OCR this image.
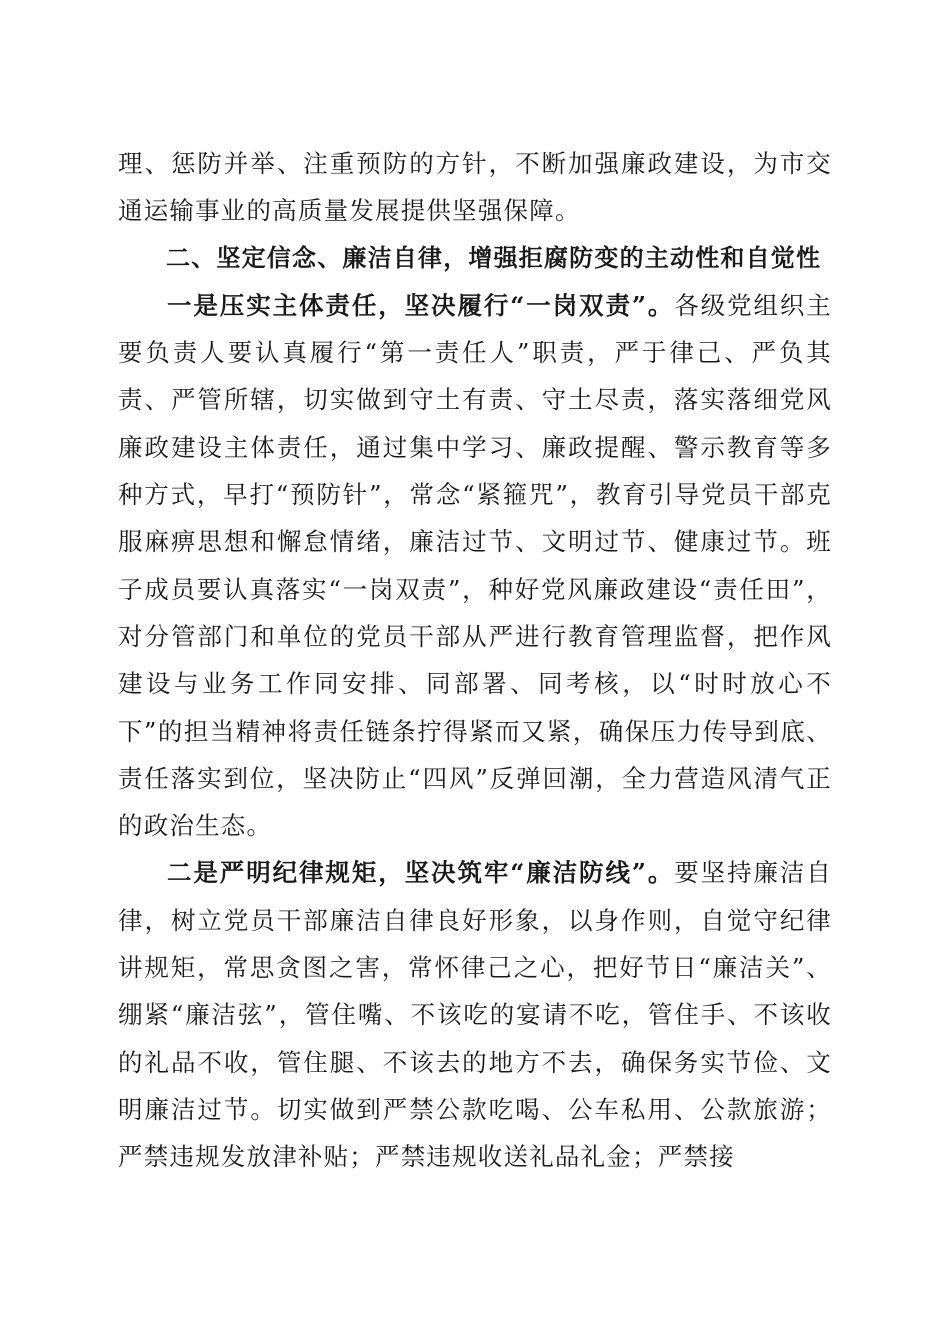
理、惩防并举、注重预防的方针，不断加强廉政建设，为市交通运输事业的高质量发展提供坚强保障。

二、坚定信念、廉洁自律，增强拒腐防变的主动性和自觉性

一是压实主体责任，坚决履行“一岗双责”。各级党组织主要负责人要认真履行“第一责任人”职责，严于律己、严负其责、严管所辖，切实做到守土有责、守土尽责，落实落细党风廉政建设主体责任，通过集中学习、廉政提醒、警示教育等多种方式，早打“预防针”，常念“紧箍咒”，教育引导党员干部克服麻痹思想和懈怠情绪，廉洁过节、文明过节、健康过节。班子成员要认真落实“一岗双责”，种好党风廉政建设“责任田”，对分管部门和单位的党员干部从严进行教育管理监督，把作风建设与业务工作同安排、同部署、同考核，以“时时放心不下”的担当精神将责任链条拧得紧而又紧，确保压力传导到底、责任落实到位，坚决防止“四风”反弹回潮，全力营造风清气正的政治生态。

二是严明纪律规矩，坚决筑牢“廉洁防线”。要坚持廉洁自律，树立党员干部廉洁自律良好形象，以身作则，自觉守纪律讲规矩，常思贪图之害，常怀律己之心，把好节日“廉洁关”、绷紧“廉洁弦”，管住嘴、不该吃的宴请不吃，管住手、不该收的礼品不收，管住腿、不该去的地方不去，确保务实节俭、文明廉洁过节。切实做到严禁公款吃喝、公车私用、公款旅游；严禁违规发放津补贴；严禁违规收送礼品礼金；严禁接
